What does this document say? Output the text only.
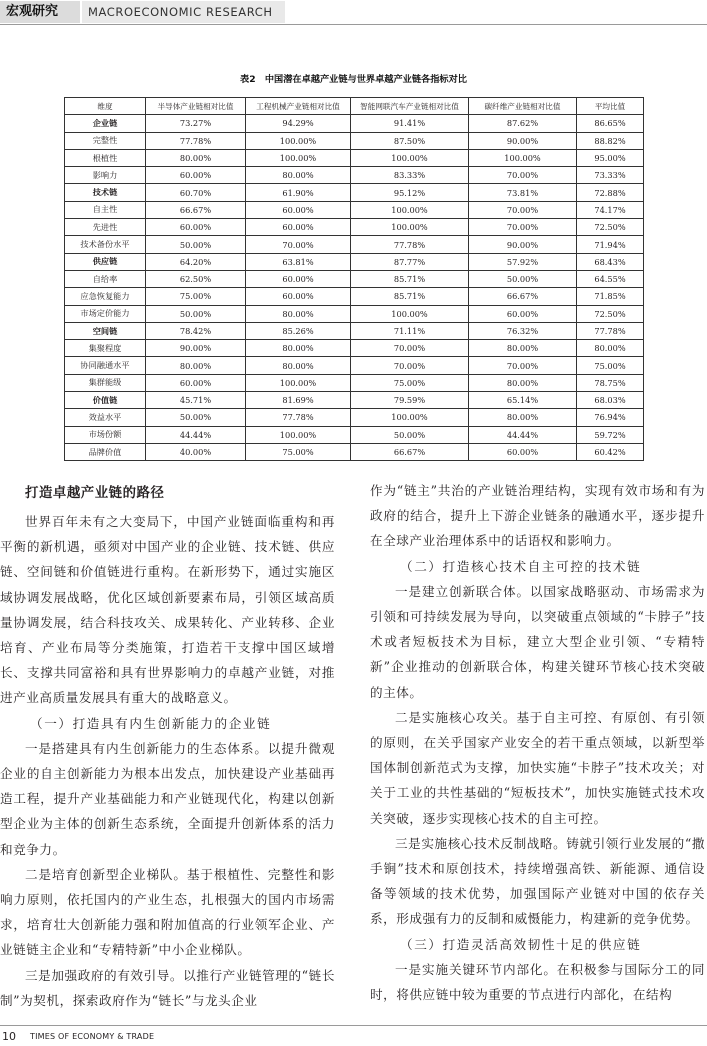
宏观研究	MACROECONOMIC RESEARCH
表2　中国潜在卓越产业链与世界卓越产业链各指标对比
维度	半导体产业链相对比值	工程机械产业链相对比值	智能网联汽车产业链相对比值	碳纤维产业链相对比值	平均比值
企业链	73.27%	94.29%	91.41%	87.62%	86.65%
完整性	77.78%	100.00%	87.50%	90.00%	88.82%
根植性	80.00%	100.00%	100.00%	100.00%	95.00%
影响力	60.00%	80.00%	83.33%	70.00%	73.33%
技术链	60.70%	61.90%	95.12%	73.81%	72.88%
自主性	66.67%	60.00%	100.00%	70.00%	74.17%
先进性	60.00%	60.00%	100.00%	70.00%	72.50%
技术备份水平	50.00%	70.00%	77.78%	90.00%	71.94%
供应链	64.20%	63.81%	87.77%	57.92%	68.43%
自给率	62.50%	60.00%	85.71%	50.00%	64.55%
应急恢复能力	75.00%	60.00%	85.71%	66.67%	71.85%
市场定价能力	50.00%	80.00%	100.00%	60.00%	72.50%
空间链	78.42%	85.26%	71.11%	76.32%	77.78%
集聚程度	90.00%	80.00%	70.00%	80.00%	80.00%
协同融通水平	80.00%	80.00%	70.00%	70.00%	75.00%
集群能级	60.00%	100.00%	75.00%	80.00%	78.75%
价值链	45.71%	81.69%	79.59%	65.14%	68.03%
效益水平	50.00%	77.78%	100.00%	80.00%	76.94%
市场份额	44.44%	100.00%	50.00%	44.44%	59.72%
品牌价值	40.00%	75.00%	66.67%	60.00%	60.42%
打造卓越产业链的路径

世界百年未有之大变局下，中国产业链面临重构和再平衡的新机遇，亟须对中国产业的企业链、技术链、供应链、空间链和价值链进行重构。在新形势下，通过实施区域协调发展战略，优化区域创新要素布局，引领区域高质量协调发展，结合科技攻关、成果转化、产业转移、企业培育、产业布局等分类施策，打造若干支撑中国区域增长、支撑共同富裕和具有世界影响力的卓越产业链，对推进产业高质量发展具有重大的战略意义。

（一）打造具有内生创新能力的企业链

一是搭建具有内生创新能力的生态体系。以提升微观企业的自主创新能力为根本出发点，加快建设产业基础再造工程，提升产业基础能力和产业链现代化，构建以创新型企业为主体的创新生态系统，全面提升创新体系的活力和竞争力。

二是培育创新型企业梯队。基于根植性、完整性和影响力原则，依托国内的产业生态，扎根强大的国内市场需求，培育壮大创新能力强和附加值高的行业领军企业、产业链链主企业和“专精特新”中小企业梯队。

三是加强政府的有效引导。以推行产业链管理的“链长制”为契机，探索政府作为“链长”与龙头企业

作为“链主”共治的产业链治理结构，实现有效市场和有为政府的结合，提升上下游企业链条的融通水平，逐步提升在全球产业治理体系中的话语权和影响力。

（二）打造核心技术自主可控的技术链

一是建立创新联合体。以国家战略驱动、市场需求为引领和可持续发展为导向，以突破重点领域的“卡脖子”技术或者短板技术为目标，建立大型企业引领、“专精特新”企业推动的创新联合体，构建关键环节核心技术突破的主体。

二是实施核心攻关。基于自主可控、有原创、有引领的原则，在关乎国家产业安全的若干重点领域，以新型举国体制创新范式为支撑，加快实施“卡脖子”技术攻关；对关于工业的共性基础的“短板技术”，加快实施链式技术攻关突破，逐步实现核心技术的自主可控。

三是实施核心技术反制战略。铸就引领行业发展的“撒手锏”技术和原创技术，持续增强高铁、新能源、通信设备等领域的技术优势，加强国际产业链对中国的依存关系，形成强有力的反制和威慑能力，构建新的竞争优势。

（三）打造灵活高效韧性十足的供应链

一是实施关键环节内部化。在积极参与国际分工的同时，将供应链中较为重要的节点进行内部化，在结构

10 TIMES OF ECONOMY & TRADE
